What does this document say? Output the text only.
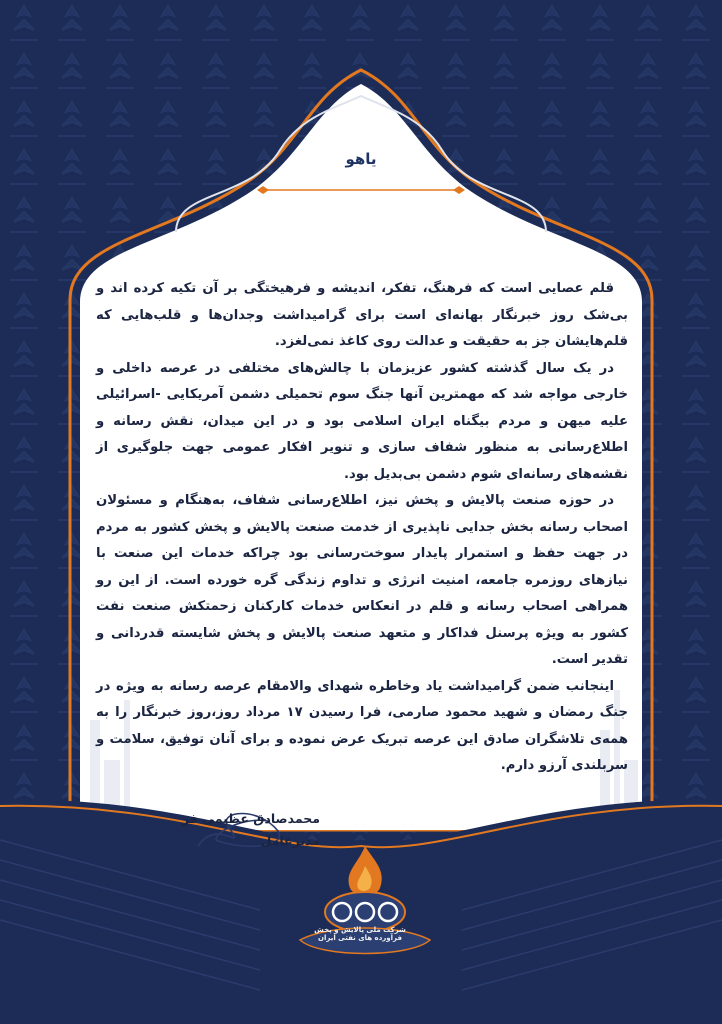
یاهو

قلم عصایی است که فرهنگ، تفکر، اندیشه و فرهیختگی بر آن تکیه کرده اند و بی‌شک روز خبرنگار بهانه‌ای است برای گرامیداشت وجدان‌ها و قلب‌هایی که قلم‌هایشان جز به حقیقت و عدالت روی کاغذ نمی‌لغزد.

در یک سال گذشته کشور عزیزمان با چالش‌های مختلفی در عرصه داخلی و خارجی مواجه شد که مهمترین آنها جنگ سوم تحمیلی دشمن آمریکایی -اسرائیلی علیه میهن و مردم بیگناه ایران اسلامی بود و در این میدان، نقش رسانه و اطلاع‌رسانی به منظور شفاف سازی و تنویر افکار عمومی جهت جلوگیری از نقشه‌های رسانه‌ای شوم دشمن بی‌بدیل بود.

در حوزه صنعت پالایش و پخش نیز، اطلاع‌رسانی شفاف، به‌هنگام و مسئولان اصحاب رسانه بخش جدایی ناپذیری از خدمت صنعت پالایش و پخش کشور به مردم در جهت حفظ و استمرار پایدار سوخت‌رسانی بود چراکه خدمات این صنعت با نیازهای روزمره جامعه، امنیت انرژی و تداوم زندگی گره خورده است. از این رو همراهی اصحاب رسانه و قلم در انعکاس خدمات کارکنان زحمتکش صنعت نفت کشور به ویژه پرسنل فداکار و متعهد صنعت پالایش و پخش شایسته قدردانی و تقدیر است.

اینجانب ضمن گرامیداشت یاد وخاطره شهدای والامقام عرصه رسانه به ویژه در جنگ رمضان و شهید محمود صارمی، فرا رسیدن ۱۷ مرداد روز،روز خبرنگار را به همه‌ی تلاشگران صادق این عرصه تبریک عرض نموده و برای آنان توفیق، سلامت و سربلندی آرزو دارم.

محمدصادق عظیمی فر
مدیرعامل
شرکت ملی پالایش و پخش فرآورده های نفتی ایران
